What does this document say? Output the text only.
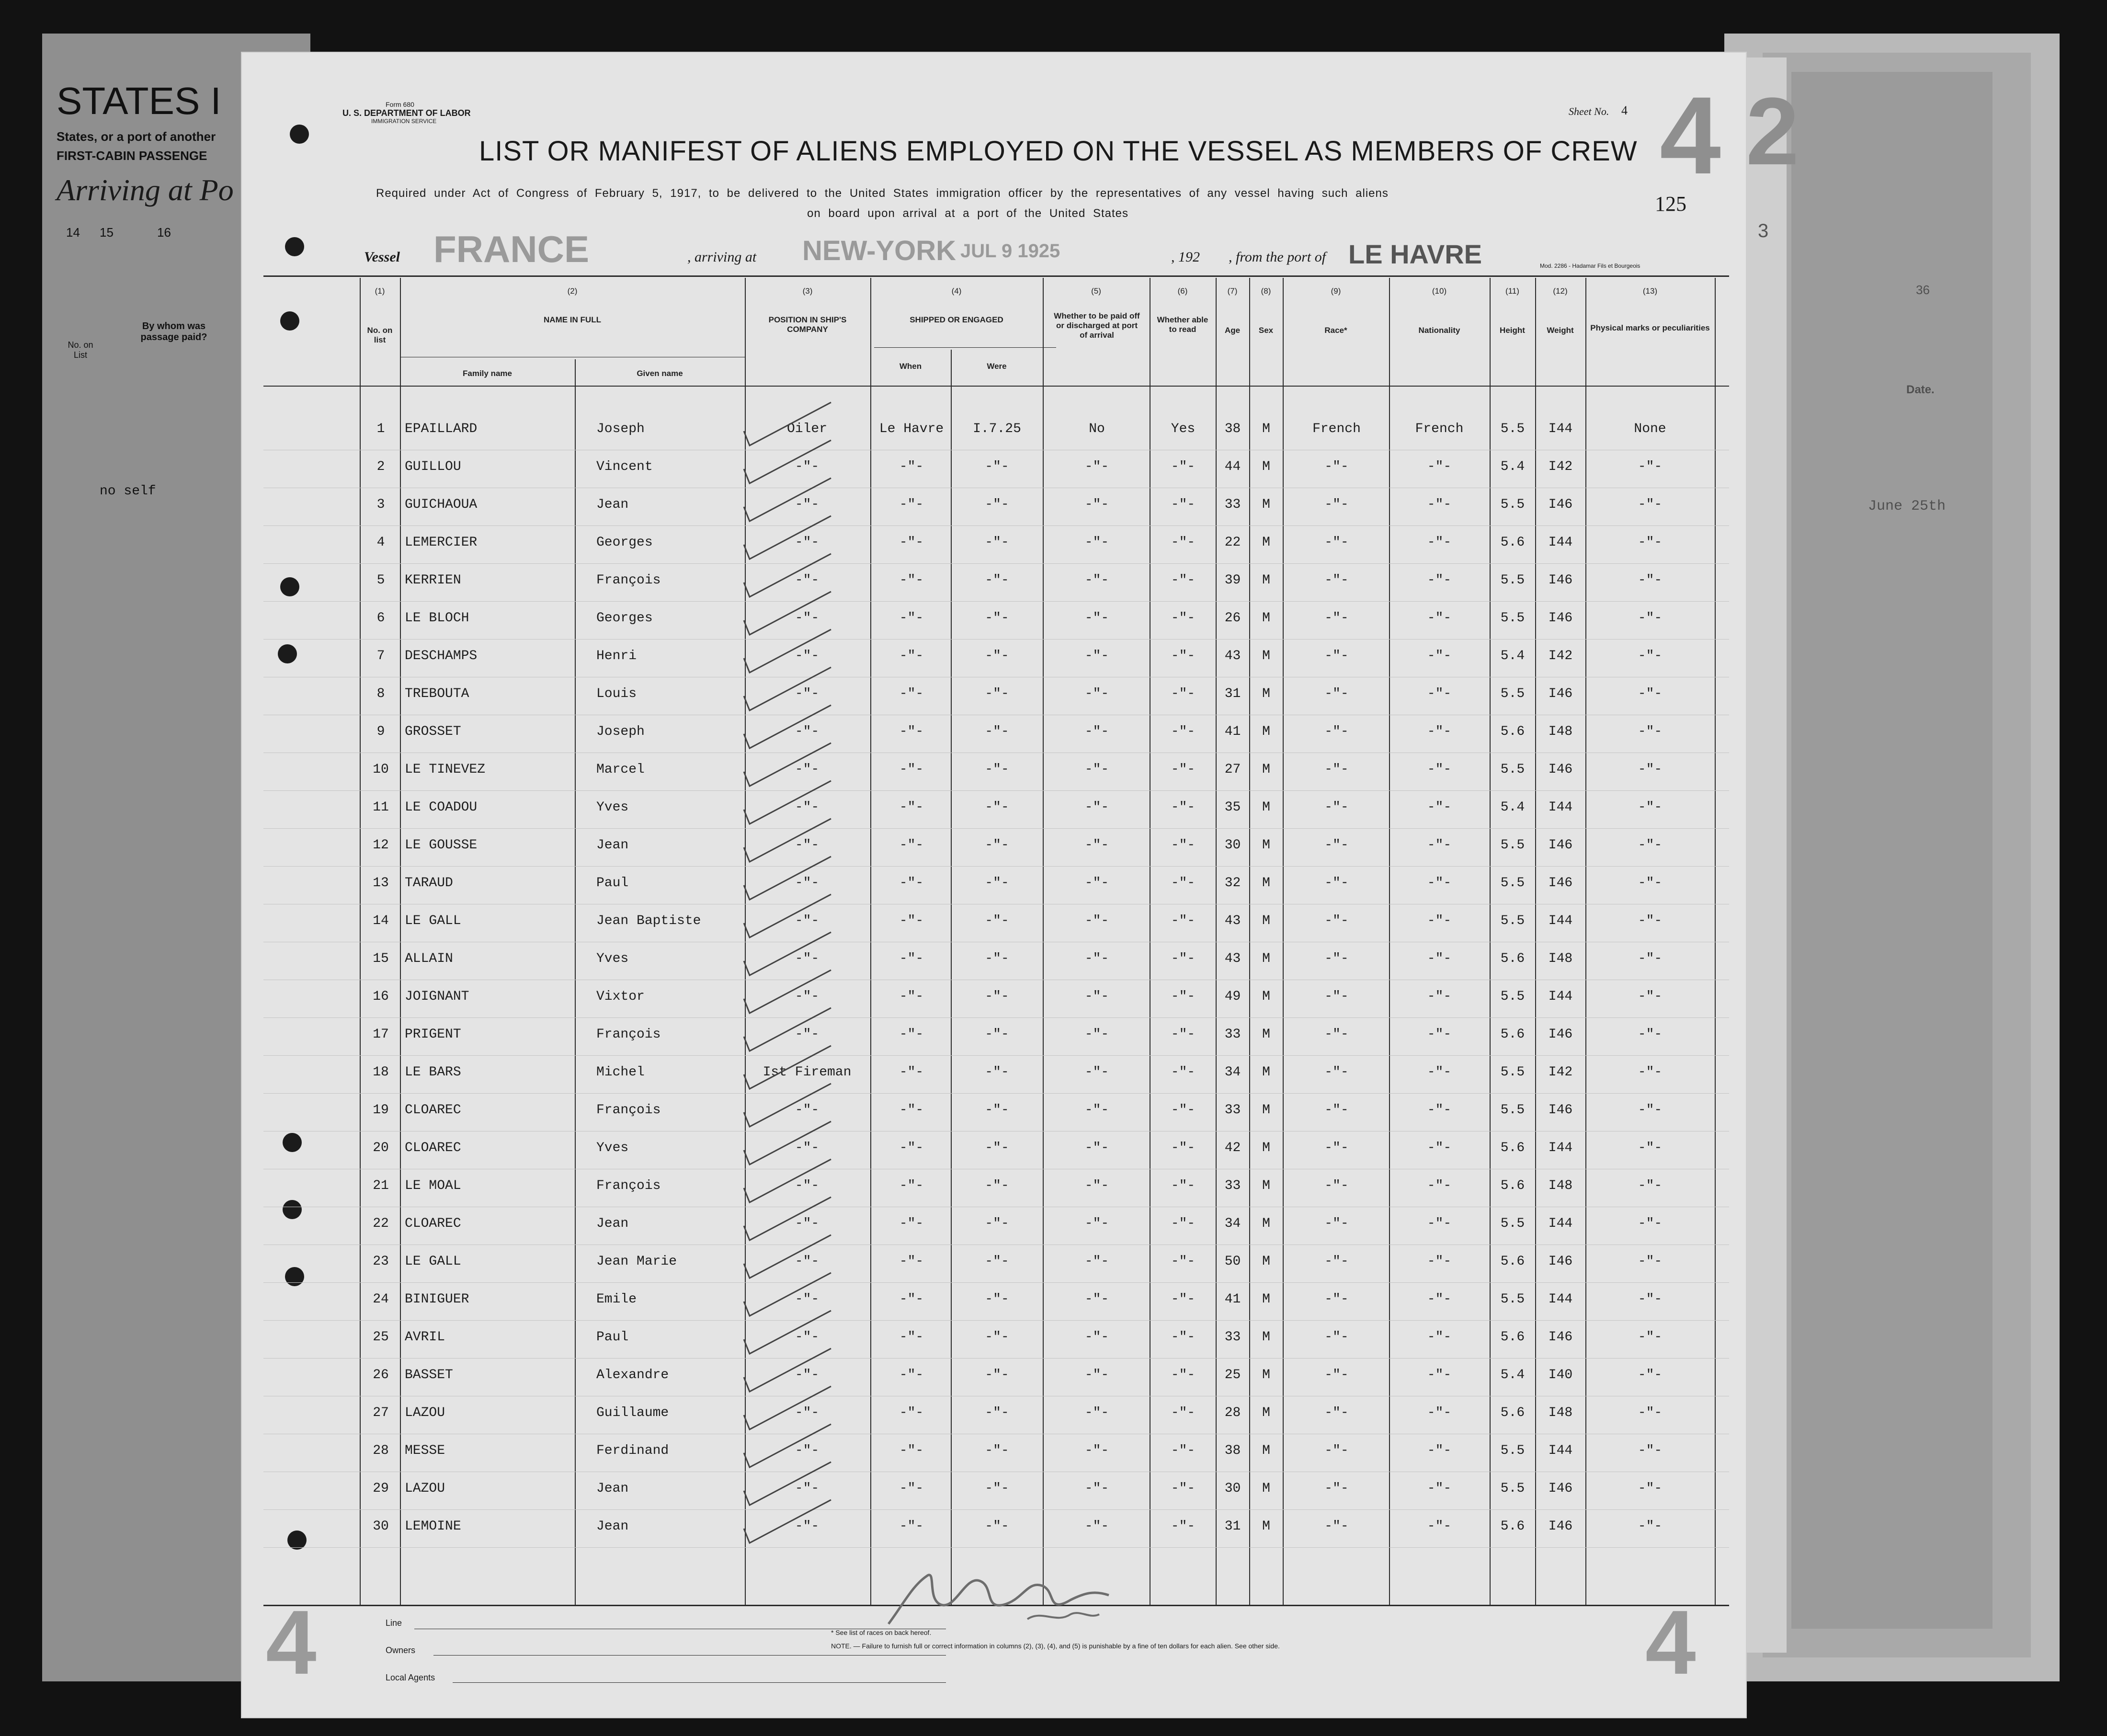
STATES I
States, or a port of another
FIRST-CABIN PASSENGE
Arriving at Po
14 15	16
No. on List
By whom was passage paid?
no self
2
3
Form 680
U. S. DEPARTMENT OF LABOR
IMMIGRATION SERVICE
Sheet No. 4 4
LIST OR MANIFEST OF ALIENS EMPLOYED ON THE VESSEL AS MEMBERS OF CREW
Required under Act of Congress of February 5, 1917, to be delivered to the United States immigration officer by the representatives of any vessel having such aliens
on board upon arrival at a port of the United States	125
Vessel FRANCE	, arriving at NEW-YORK JUL 9 1925	, 192 , from the port of LE HAVRE	Mod. 2286 - Hadamar Fils et Bourgeois
(1)
No. on list
(2)
NAME IN FULL
Family name	Given name
(3)
POSITION IN SHIP'S COMPANY
(4)
SHIPPED OR ENGAGED
When	Were
(5)
Whether to be paid off or discharged at port of arrival
(6)
Whether able to read
(7)
Age
(8)
Sex
(9)
Race*
(10)
Nationality
(11)
Height
(12)
Weight
(13)
Physical marks or peculiarities
1	EPAILLARD	Joseph	Oiler	Le Havre	I.7.25	No	Yes	38	M	French	French	5.5	I44	None
2	GUILLOU	Vincent	-"-	-"-	-"-	-"-	-"-	44	M	-"-	-"-	5.4	I42	-"-
3	GUICHAOUA	Jean	-"-	-"-	-"-	-"-	-"-	33	M	-"-	-"-	5.5	I46	-"-
4	LEMERCIER	Georges	-"-	-"-	-"-	-"-	-"-	22	M	-"-	-"-	5.6	I44	-"-
5	KERRIEN	François	-"-	-"-	-"-	-"-	-"-	39	M	-"-	-"-	5.5	I46	-"-
6	LE BLOCH	Georges	-"-	-"-	-"-	-"-	-"-	26	M	-"-	-"-	5.5	I46	-"-
7	DESCHAMPS	Henri	-"-	-"-	-"-	-"-	-"-	43	M	-"-	-"-	5.4	I42	-"-
8	TREBOUTA	Louis	-"-	-"-	-"-	-"-	-"-	31	M	-"-	-"-	5.5	I46	-"-
9	GROSSET	Joseph	-"-	-"-	-"-	-"-	-"-	41	M	-"-	-"-	5.6	I48	-"-
10	LE TINEVEZ	Marcel	-"-	-"-	-"-	-"-	-"-	27	M	-"-	-"-	5.5	I46	-"-
11	LE COADOU	Yves	-"-	-"-	-"-	-"-	-"-	35	M	-"-	-"-	5.4	I44	-"-
12	LE GOUSSE	Jean	-"-	-"-	-"-	-"-	-"-	30	M	-"-	-"-	5.5	I46	-"-
13	TARAUD	Paul	-"-	-"-	-"-	-"-	-"-	32	M	-"-	-"-	5.5	I46	-"-
14	LE GALL	Jean Baptiste	-"-	-"-	-"-	-"-	-"-	43	M	-"-	-"-	5.5	I44	-"-
15	ALLAIN	Yves	-"-	-"-	-"-	-"-	-"-	43	M	-"-	-"-	5.6	I48	-"-
16	JOIGNANT	Vixtor	-"-	-"-	-"-	-"-	-"-	49	M	-"-	-"-	5.5	I44	-"-
17	PRIGENT	François	-"-	-"-	-"-	-"-	-"-	33	M	-"-	-"-	5.6	I46	-"-
18	LE BARS	Michel	Ist Fireman	-"-	-"-	-"-	-"-	34	M	-"-	-"-	5.5	I42	-"-
19	CLOAREC	François	-"-	-"-	-"-	-"-	-"-	33	M	-"-	-"-	5.5	I46	-"-
20	CLOAREC	Yves	-"-	-"-	-"-	-"-	-"-	42	M	-"-	-"-	5.6	I44	-"-
21	LE MOAL	François	-"-	-"-	-"-	-"-	-"-	33	M	-"-	-"-	5.6	I48	-"-
22	CLOAREC	Jean	-"-	-"-	-"-	-"-	-"-	34	M	-"-	-"-	5.5	I44	-"-
23	LE GALL	Jean Marie	-"-	-"-	-"-	-"-	-"-	50	M	-"-	-"-	5.6	I46	-"-
24	BINIGUER	Emile	-"-	-"-	-"-	-"-	-"-	41	M	-"-	-"-	5.5	I44	-"-
25	AVRIL	Paul	-"-	-"-	-"-	-"-	-"-	33	M	-"-	-"-	5.6	I46	-"-
26	BASSET	Alexandre	-"-	-"-	-"-	-"-	-"-	25	M	-"-	-"-	5.4	I40	-"-
27	LAZOU	Guillaume	-"-	-"-	-"-	-"-	-"-	28	M	-"-	-"-	5.6	I48	-"-
28	MESSE	Ferdinand	-"-	-"-	-"-	-"-	-"-	38	M	-"-	-"-	5.5	I44	-"-
29	LAZOU	Jean	-"-	-"-	-"-	-"-	-"-	30	M	-"-	-"-	5.5	I46	-"-
30	LEMOINE	Jean	-"-	-"-	-"-	-"-	-"-	31	M	-"-	-"-	5.6	I46	-"-
4	4
Line
Owners
Local Agents
* See list of races on back hereof.
NOTE. — Failure to furnish full or correct information in columns (2), (3), (4), and (5) is punishable by a fine of ten dollars for each alien. See other side.
